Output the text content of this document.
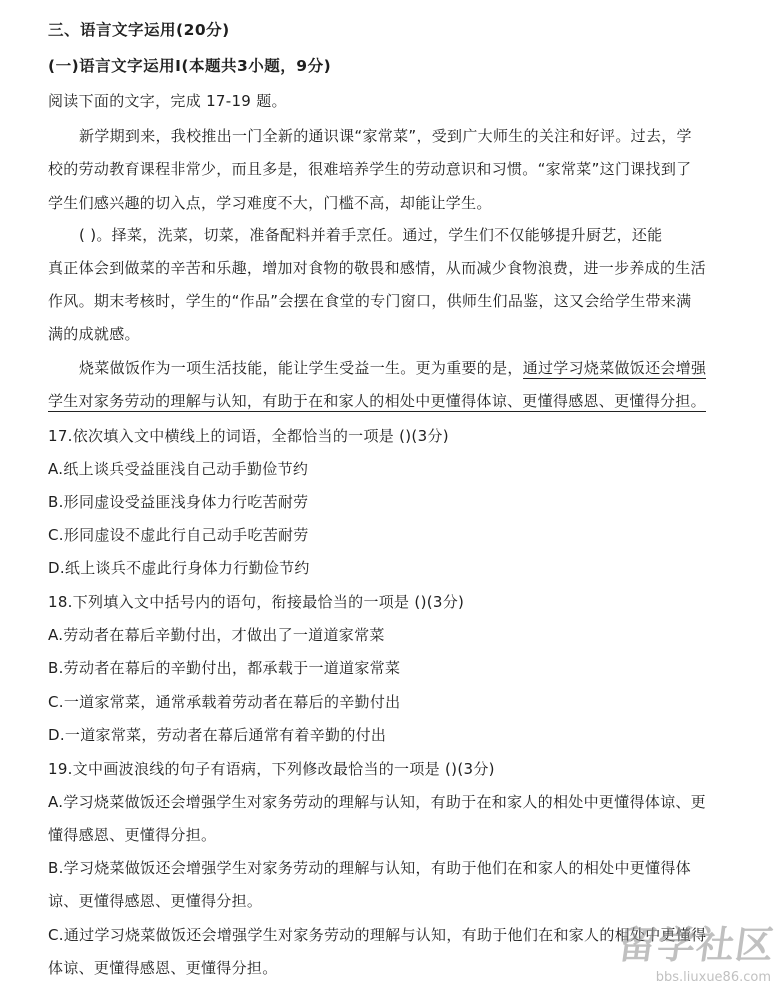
三、语言文字运用(20分)
(一)语言文字运用Ⅰ(本题共3小题，9分)
阅读下面的文字，完成 17-19 题。
新学期到来，我校推出一门全新的通识课“家常菜”，受到广大师生的关注和好评。过去，学
校的劳动教育课程非常少，而且多是，很难培养学生的劳动意识和习惯。“家常菜”这门课找到了
学生们感兴趣的切入点，学习难度不大，门槛不高，却能让学生。
( )。择菜，洗菜，切菜，准备配料并着手烹任。通过，学生们不仅能够提升厨艺，还能
真正体会到做菜的辛苦和乐趣，增加对食物的敬畏和感情，从而减少食物浪费，进一步养成的生活
作风。期末考核时，学生的“作品”会摆在食堂的专门窗口，供师生们品鉴，这又会给学生带来满
满的成就感。
烧菜做饭作为一项生活技能，能让学生受益一生。更为重要的是，通过学习烧菜做饭还会增强
学生对家务劳动的理解与认知，有助于在和家人的相处中更懂得体谅、更懂得感恩、更懂得分担。
17.依次填入文中横线上的词语，全都恰当的一项是 ()(3分)
A.纸上谈兵受益匪浅自己动手勤俭节约
B.形同虚设受益匪浅身体力行吃苦耐劳
C.形同虚设不虚此行自己动手吃苦耐劳
D.纸上谈兵不虚此行身体力行勤俭节约
18.下列填入文中括号内的语句，衔接最恰当的一项是 ()(3分)
A.劳动者在幕后辛勤付出，才做出了一道道家常菜
B.劳动者在幕后的辛勤付出，都承载于一道道家常菜
C.一道家常菜，通常承载着劳动者在幕后的辛勤付出
D.一道家常菜，劳动者在幕后通常有着辛勤的付出
19.文中画波浪线的句子有语病，下列修改最恰当的一项是 ()(3分)
A.学习烧菜做饭还会增强学生对家务劳动的理解与认知，有助于在和家人的相处中更懂得体谅、更
懂得感恩、更懂得分担。
B.学习烧菜做饭还会增强学生对家务劳动的理解与认知，有助于他们在和家人的相处中更懂得体
谅、更懂得感恩、更懂得分担。
C.通过学习烧菜做饭还会增强学生对家务劳动的理解与认知，有助于他们在和家人的相处中更懂得
体谅、更懂得感恩、更懂得分担。
留学社区
bbs.liuxue86.com
